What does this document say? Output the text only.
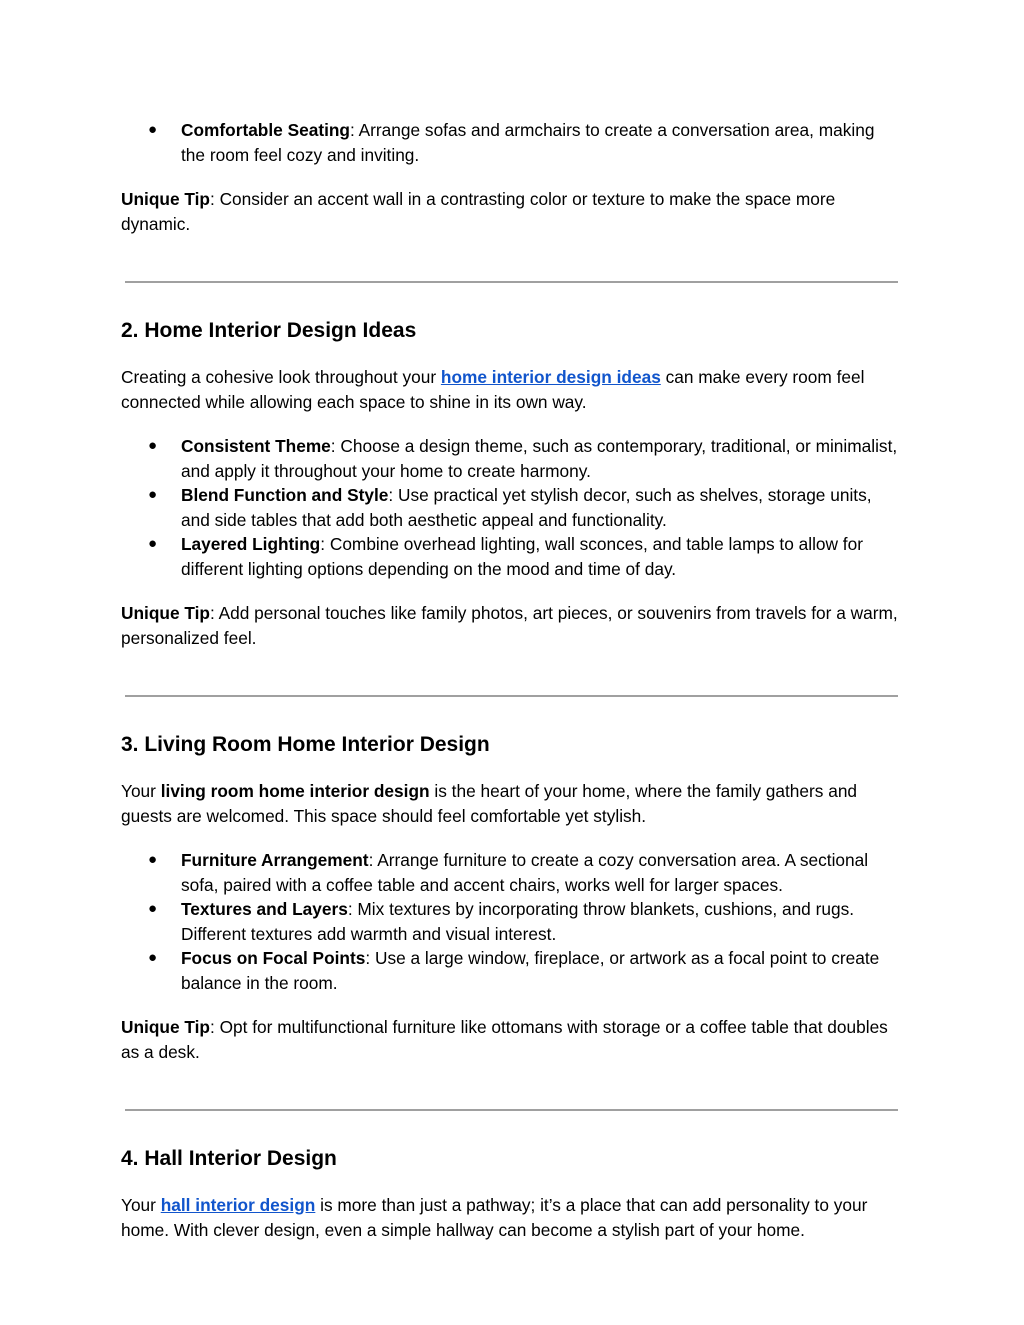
● Comfortable Seating: Arrange sofas and armchairs to create a conversation area, making the room feel cozy and inviting.

Unique Tip: Consider an accent wall in a contrasting color or texture to make the space more dynamic.

2. Home Interior Design Ideas

Creating a cohesive look throughout your home interior design ideas can make every room feel connected while allowing each space to shine in its own way.

● Consistent Theme: Choose a design theme, such as contemporary, traditional, or minimalist, and apply it throughout your home to create harmony.
● Blend Function and Style: Use practical yet stylish decor, such as shelves, storage units, and side tables that add both aesthetic appeal and functionality.
● Layered Lighting: Combine overhead lighting, wall sconces, and table lamps to allow for different lighting options depending on the mood and time of day.

Unique Tip: Add personal touches like family photos, art pieces, or souvenirs from travels for a warm, personalized feel.

3. Living Room Home Interior Design

Your living room home interior design is the heart of your home, where the family gathers and guests are welcomed. This space should feel comfortable yet stylish.

● Furniture Arrangement: Arrange furniture to create a cozy conversation area. A sectional sofa, paired with a coffee table and accent chairs, works well for larger spaces.
● Textures and Layers: Mix textures by incorporating throw blankets, cushions, and rugs. Different textures add warmth and visual interest.
● Focus on Focal Points: Use a large window, fireplace, or artwork as a focal point to create balance in the room.

Unique Tip: Opt for multifunctional furniture like ottomans with storage or a coffee table that doubles as a desk.

4. Hall Interior Design

Your hall interior design is more than just a pathway; it’s a place that can add personality to your home. With clever design, even a simple hallway can become a stylish part of your home.
